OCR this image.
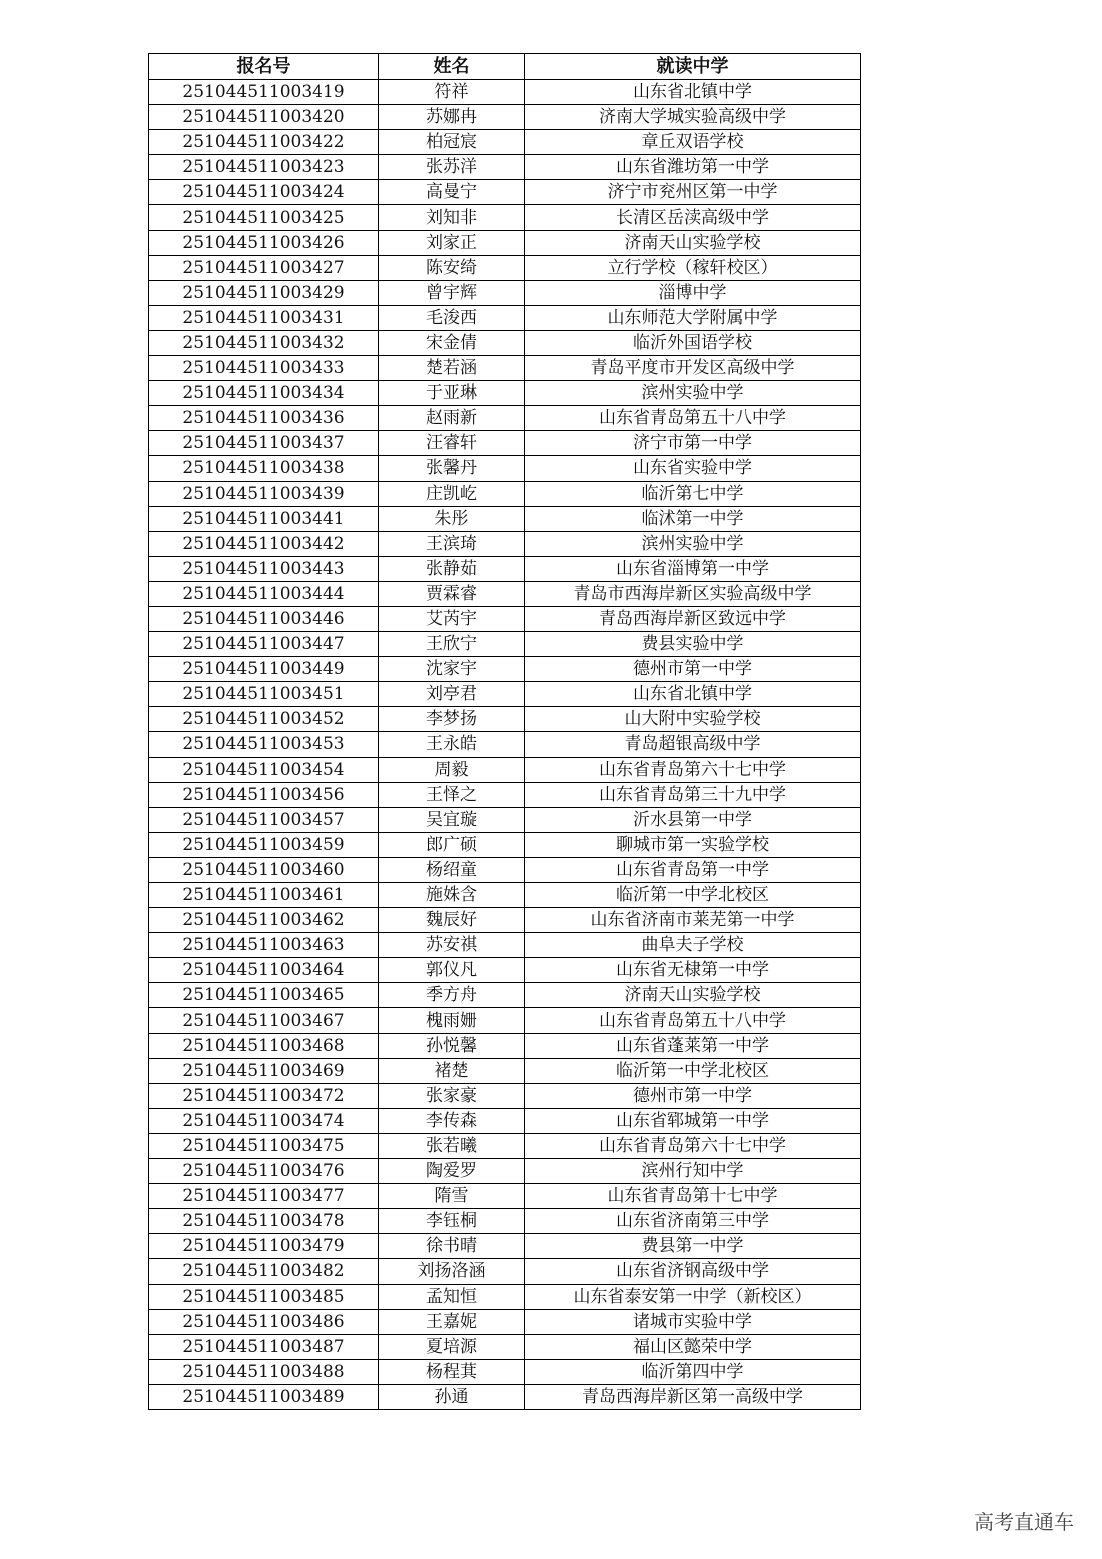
报名号	姓名	就读中学
251044511003419	符祥	山东省北镇中学
251044511003420	苏娜冉	济南大学城实验高级中学
251044511003422	柏冠宸	章丘双语学校
251044511003423	张苏洋	山东省潍坊第一中学
251044511003424	高曼宁	济宁市兖州区第一中学
251044511003425	刘知非	长清区岳渎高级中学
251044511003426	刘家正	济南天山实验学校
251044511003427	陈安绮	立行学校（稼轩校区）
251044511003429	曾宇辉	淄博中学
251044511003431	毛浚西	山东师范大学附属中学
251044511003432	宋金倩	临沂外国语学校
251044511003433	楚若涵	青岛平度市开发区高级中学
251044511003434	于亚琳	滨州实验中学
251044511003436	赵雨新	山东省青岛第五十八中学
251044511003437	汪睿轩	济宁市第一中学
251044511003438	张馨丹	山东省实验中学
251044511003439	庄凯屹	临沂第七中学
251044511003441	朱彤	临沭第一中学
251044511003442	王滨琦	滨州实验中学
251044511003443	张静茹	山东省淄博第一中学
251044511003444	贾霖睿	青岛市西海岸新区实验高级中学
251044511003446	艾芮宇	青岛西海岸新区致远中学
251044511003447	王欣宁	费县实验中学
251044511003449	沈家宇	德州市第一中学
251044511003451	刘亭君	山东省北镇中学
251044511003452	李梦扬	山大附中实验学校
251044511003453	王永皓	青岛超银高级中学
251044511003454	周毅	山东省青岛第六十七中学
251044511003456	王怿之	山东省青岛第三十九中学
251044511003457	吴宜璇	沂水县第一中学
251044511003459	郎广硕	聊城市第一实验学校
251044511003460	杨绍童	山东省青岛第一中学
251044511003461	施姝含	临沂第一中学北校区
251044511003462	魏辰好	山东省济南市莱芜第一中学
251044511003463	苏安祺	曲阜夫子学校
251044511003464	郭仪凡	山东省无棣第一中学
251044511003465	季方舟	济南天山实验学校
251044511003467	槐雨姗	山东省青岛第五十八中学
251044511003468	孙悦馨	山东省蓬莱第一中学
251044511003469	褚楚	临沂第一中学北校区
251044511003472	张家豪	德州市第一中学
251044511003474	李传森	山东省郓城第一中学
251044511003475	张若曦	山东省青岛第六十七中学
251044511003476	陶爱罗	滨州行知中学
251044511003477	隋雪	山东省青岛第十七中学
251044511003478	李钰桐	山东省济南第三中学
251044511003479	徐书晴	费县第一中学
251044511003482	刘扬洛涵	山东省济钢高级中学
251044511003485	孟知恒	山东省泰安第一中学（新校区）
251044511003486	王嘉妮	诸城市实验中学
251044511003487	夏培源	福山区懿荣中学
251044511003488	杨程萁	临沂第四中学
251044511003489	孙通	青岛西海岸新区第一高级中学
高考直通车
